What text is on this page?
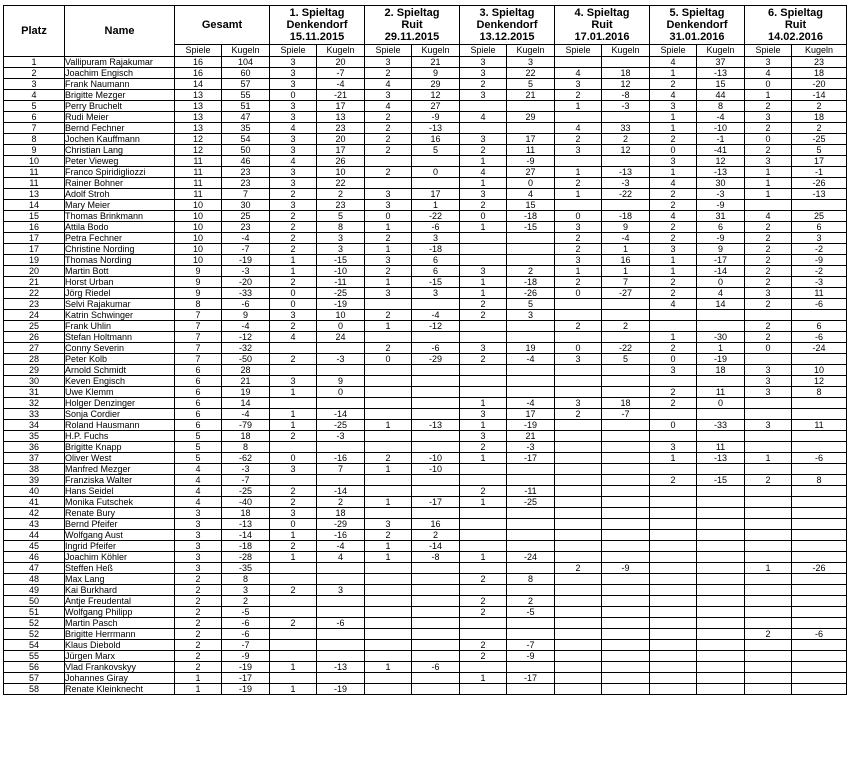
Platz	Name	Gesamt		1. Spieltag
Denkendorf
15.11.2015		2. Spieltag
Ruit
29.11.2015		3. Spieltag
Denkendorf
13.12.2015		4. Spieltag
Ruit
17.01.2016		5. Spieltag
Denkendorf
31.01.2016		6. Spieltag
Ruit
14.02.2016	
		Spiele	Kugeln	Spiele	Kugeln	Spiele	Kugeln	Spiele	Kugeln	Spiele	Kugeln	Spiele	Kugeln	Spiele	Kugeln
1	Vallipuram Rajakumar	16	104	3	20	3	21	3	3			4	37	3	23
2	Joachim Engisch	16	60	3	-7	2	9	3	22	4	18	1	-13	4	18
3	Frank Naumann	14	57	3	-4	4	29	2	5	3	12	2	15	0	-20
4	Brigitte Mezger	13	55	0	-21	3	12	3	21	2	-8	4	44	1	-14
5	Perry Bruchelt	13	51	3	17	4	27			1	-3	3	8	2	2
6	Rudi Meier	13	47	3	13	2	-9	4	29			1	-4	3	18
7	Bernd Fechner	13	35	4	23	2	-13			4	33	1	-10	2	2
8	Jochen Kauffmann	12	54	3	20	2	16	3	17	2	2	2	-1	0	-25
9	Christian Lang	12	50	3	17	2	5	2	11	3	12	0	-41	2	5
10	Peter Vieweg	11	46	4	26			1	-9			3	12	3	17
11	Franco Spiridigliozzi	11	23	3	10	2	0	4	27	1	-13	1	-13	1	-1
11	Rainer Bohner	11	23	3	22			1	0	2	-3	4	30	1	-26
13	Adolf Stroh	11	7	2	2	3	17	3	4	1	-22	2	-3	1	-13
14	Mary Meier	10	30	3	23	3	1	2	15			2	-9		
15	Thomas Brinkmann	10	25	2	5	0	-22	0	-18	0	-18	4	31	4	25
16	Attila Bodo	10	23	2	8	1	-6	1	-15	3	9	2	6	2	6
17	Petra Fechner	10	-4	2	3	2	3			2	-4	2	-9	2	3
17	Christine Nording	10	-7	2	3	1	-18			2	1	3	9	2	-2
19	Thomas Nording	10	-19	1	-15	3	6			3	16	1	-17	2	-9
20	Martin Bott	9	-3	1	-10	2	6	3	2	1	1	1	-14	2	-2
21	Horst Urban	9	-20	2	-11	1	-15	1	-18	2	7	2	0	2	-3
22	Jörg Riedel	9	-33	0	-25	3	3	1	-26	0	-27	2	4	3	11
23	Selvi Rajakumar	8	-6	0	-19			2	5			4	14	2	-6
24	Katrin Schwinger	7	9	3	10	2	-4	2	3						
25	Frank Uhlin	7	-4	2	0	1	-12			2	2			2	6
26	Stefan Holtmann	7	-12	4	24							1	-30	2	-6
27	Conny Severin	7	-32			2	-6	3	19	0	-22	2	1	0	-24
28	Peter Kolb	7	-50	2	-3	0	-29	2	-4	3	5	0	-19		
29	Arnold Schmidt	6	28									3	18	3	10
30	Keven Engisch	6	21	3	9									3	12
31	Uwe Klemm	6	19	1	0							2	11	3	8
32	Holger Denzinger	6	14					1	-4	3	18	2	0		
33	Sonja Cordier	6	-4	1	-14			3	17	2	-7				
34	Roland Hausmann	6	-79	1	-25	1	-13	1	-19			0	-33	3	11
35	H.P. Fuchs	5	18	2	-3			3	21						
36	Brigitte Knapp	5	8					2	-3			3	11		
37	Oliver West	5	-62	0	-16	2	-10	1	-17			1	-13	1	-6
38	Manfred Mezger	4	-3	3	7	1	-10								
39	Franziska Walter	4	-7									2	-15	2	8
40	Hans Seidel	4	-25	2	-14			2	-11						
41	Monika Futschek	4	-40	2	2	1	-17	1	-25						
42	Renate Bury	3	18	3	18										
43	Bernd Pfeifer	3	-13	0	-29	3	16								
44	Wolfgang Aust	3	-14	1	-16	2	2								
45	Ingrid Pfeifer	3	-18	2	-4	1	-14								
46	Joachim Köhler	3	-28	1	4	1	-8	1	-24						
47	Steffen Heß	3	-35							2	-9			1	-26
48	Max Lang	2	8					2	8						
49	Kai Burkhard	2	3	2	3										
50	Antje Freudental	2	2					2	2						
51	Wolfgang Philipp	2	-5					2	-5						
52	Martin Pasch	2	-6	2	-6										
52	Brigitte Herrmann	2	-6											2	-6
54	Klaus Diebold	2	-7					2	-7						
55	Jürgen Marx	2	-9					2	-9						
56	Vlad Frankovskyy	2	-19	1	-13	1	-6								
57	Johannes Giray	1	-17					1	-17						
58	Renate Kleinknecht	1	-19	1	-19										
